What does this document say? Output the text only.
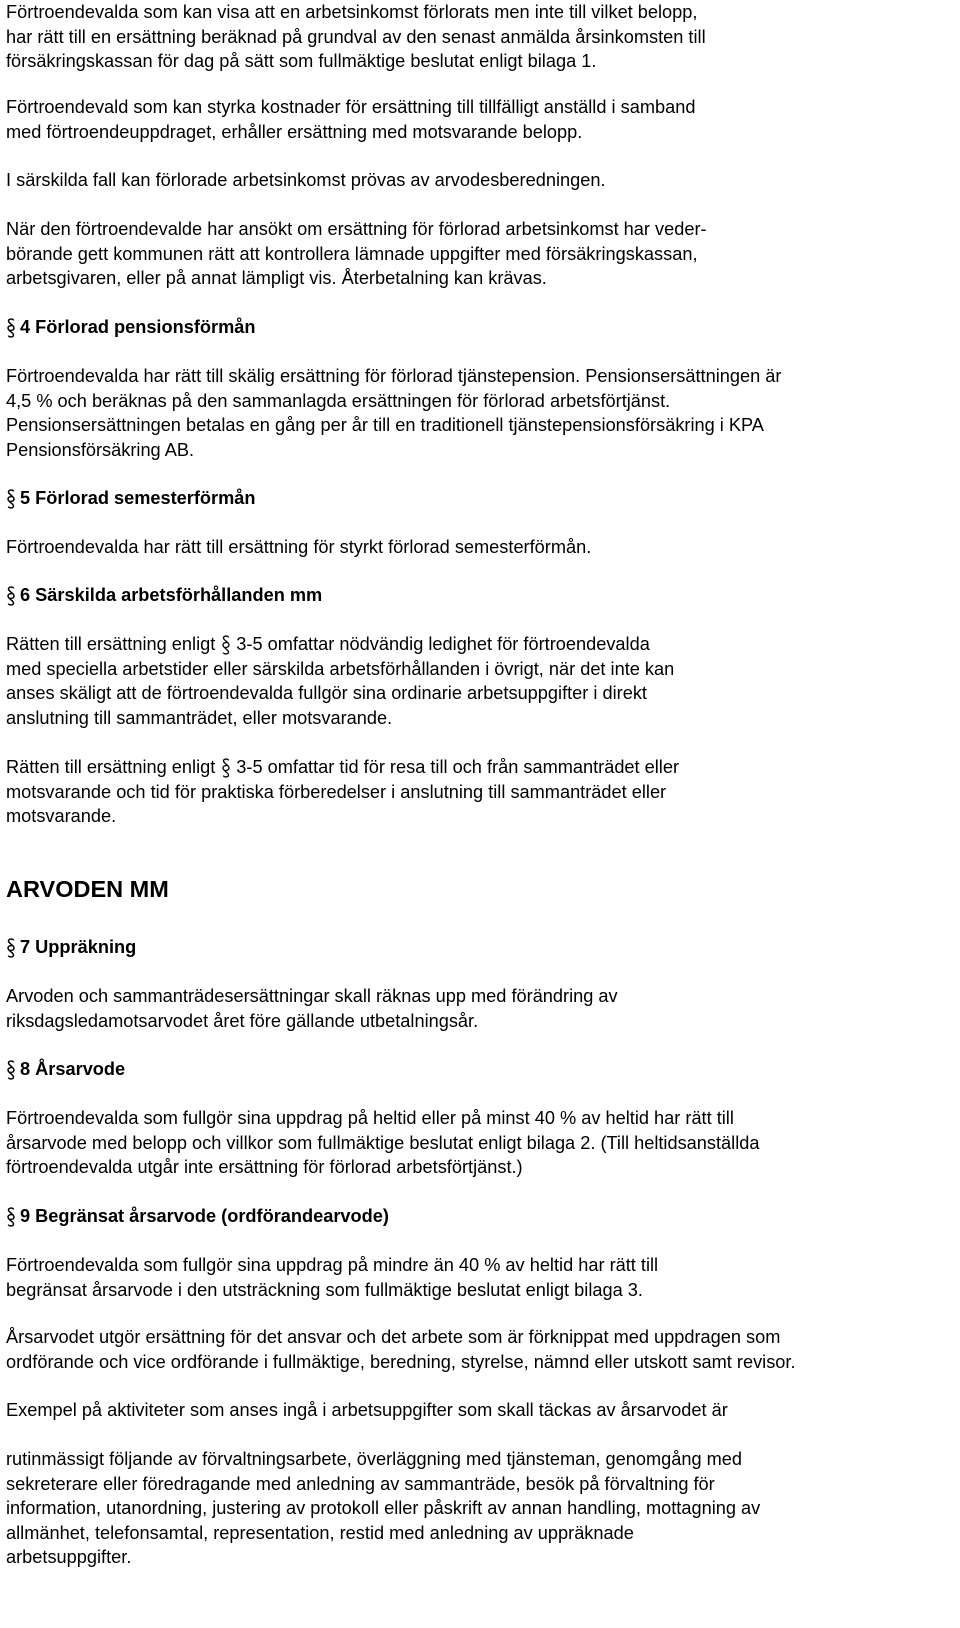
Förtroendevalda som kan visa att en arbetsinkomst förlorats men inte till vilket belopp,
har rätt till en ersättning beräknad på grundval av den senast anmälda årsinkomsten till
försäkringskassan för dag på sätt som fullmäktige beslutat enligt bilaga 1.

Förtroendevald som kan styrka kostnader för ersättning till tillfälligt anställd i samband
med förtroendeuppdraget, erhåller ersättning med motsvarande belopp.

I särskilda fall kan förlorade arbetsinkomst prövas av arvodesberedningen.

När den förtroendevalde har ansökt om ersättning för förlorad arbetsinkomst har veder-
börande gett kommunen rätt att kontrollera lämnade uppgifter med försäkringskassan,
arbetsgivaren, eller på annat lämpligt vis. Återbetalning kan krävas.

4 Förlorad pensionsförmån

Förtroendevalda har rätt till skälig ersättning för förlorad tjänstepension. Pensionsersättningen är
4,5 % och beräknas på den sammanlagda ersättningen för förlorad arbetsförtjänst.
Pensionsersättningen betalas en gång per år till en traditionell tjänstepensionsförsäkring i KPA
Pensionsförsäkring AB.

5 Förlorad semesterförmån

Förtroendevalda har rätt till ersättning för styrkt förlorad semesterförmån.

6 Särskilda arbetsförhållanden mm

Rätten till ersättning enligt 3-5 omfattar nödvändig ledighet för förtroendevalda
med speciella arbetstider eller särskilda arbetsförhållanden i övrigt, när det inte kan
anses skäligt att de förtroendevalda fullgör sina ordinarie arbetsuppgifter i direkt
anslutning till sammanträdet, eller motsvarande.

Rätten till ersättning enligt 3-5 omfattar tid för resa till och från sammanträdet eller
motsvarande och tid för praktiska förberedelser i anslutning till sammanträdet eller
motsvarande.

ARVODEN MM
7 Uppräkning

Arvoden och sammanträdesersättningar skall räknas upp med förändring av
riksdagsledamotsarvodet året före gällande utbetalningsår.

8 Årsarvode

Förtroendevalda som fullgör sina uppdrag på heltid eller på minst 40 % av heltid har rätt till
årsarvode med belopp och villkor som fullmäktige beslutat enligt bilaga 2. (Till heltidsanställda
förtroendevalda utgår inte ersättning för förlorad arbetsförtjänst.)

9 Begränsat årsarvode (ordförandearvode)

Förtroendevalda som fullgör sina uppdrag på mindre än 40 % av heltid har rätt till
begränsat årsarvode i den utsträckning som fullmäktige beslutat enligt bilaga 3.

Årsarvodet utgör ersättning för det ansvar och det arbete som är förknippat med uppdragen som
ordförande och vice ordförande i fullmäktige, beredning, styrelse, nämnd eller utskott samt revisor.

Exempel på aktiviteter som anses ingå i arbetsuppgifter som skall täckas av årsarvodet är

rutinmässigt följande av förvaltningsarbete, överläggning med tjänsteman, genomgång med
sekreterare eller föredragande med anledning av sammanträde, besök på förvaltning för
information, utanordning, justering av protokoll eller påskrift av annan handling, mottagning av
allmänhet, telefonsamtal, representation, restid med anledning av uppräknade
arbetsuppgifter.
